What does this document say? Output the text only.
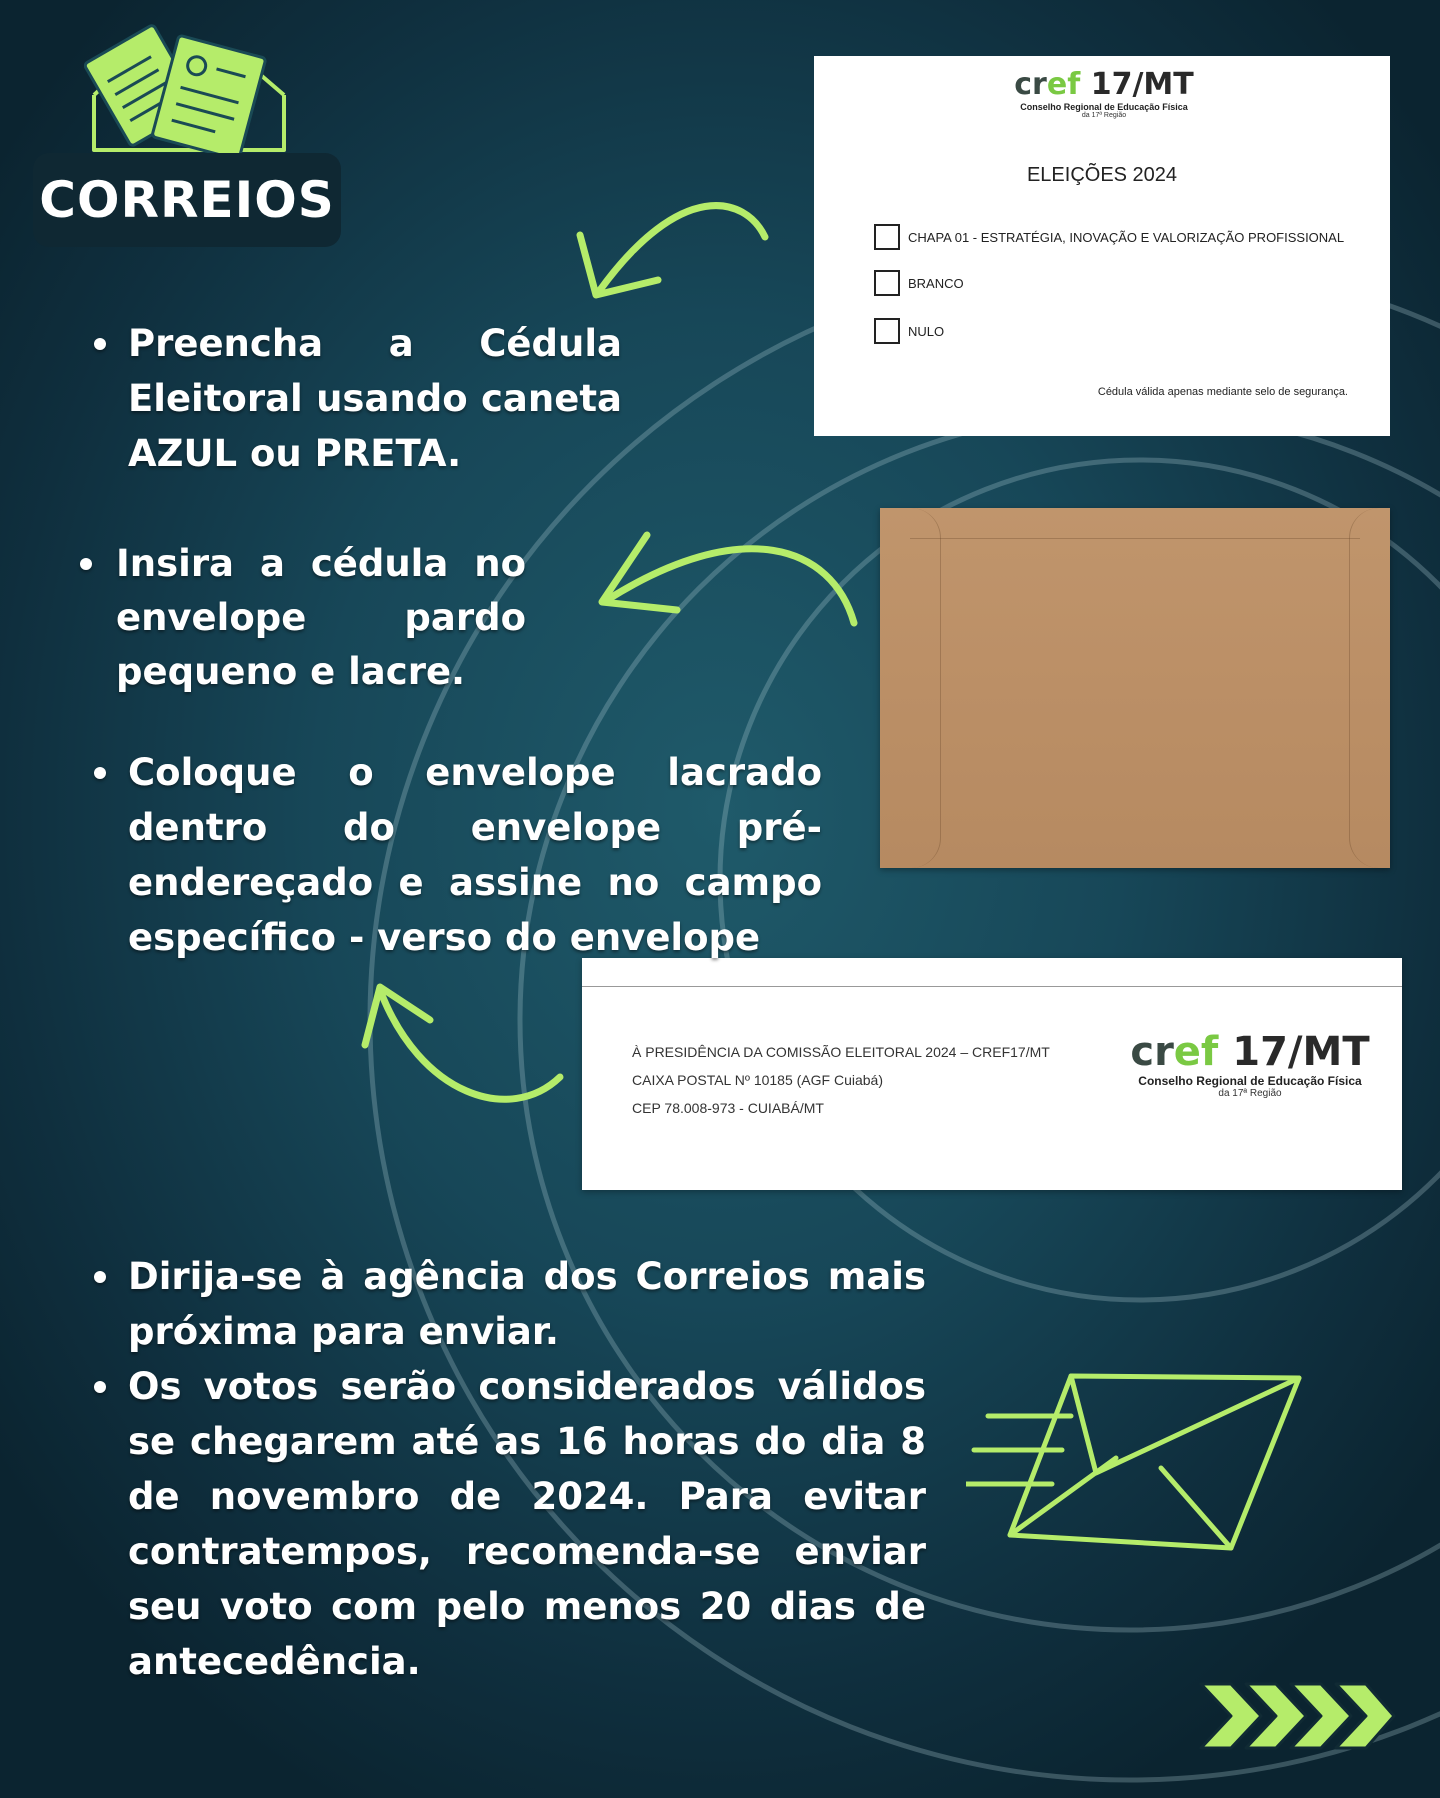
CORREIOS
cref 17/MT
Conselho Regional de Educação Física
da 17ª Região
ELEIÇÕES 2024
CHAPA 01 - ESTRATÉGIA, INOVAÇÃO E VALORIZAÇÃO PROFISSIONAL
BRANCO
NULO
Cédula válida apenas mediante selo de segurança.
À PRESIDÊNCIA DA COMISSÃO ELEITORAL 2024 – CREF17/MT
CAIXA POSTAL Nº 10185 (AGF Cuiabá)
CEP 78.008-973 - CUIABÁ/MT
cref 17/MT
Conselho Regional de Educação Física
da 17ª Região
Preencha a Cédula Eleitoral usando caneta AZUL ou PRETA.
Insira a cédula no envelope pardo pequeno e lacre.
Coloque o envelope lacrado dentro do envelope pré-endereçado e assine no campo específico - verso do envelope
Dirija-se à agência dos Correios mais próxima para enviar.
Os votos serão considerados válidos se chegarem até as 16 horas do dia 8 de novembro de 2024. Para evitar contratempos, recomenda-se enviar seu voto com pelo menos 20 dias de antecedência.
